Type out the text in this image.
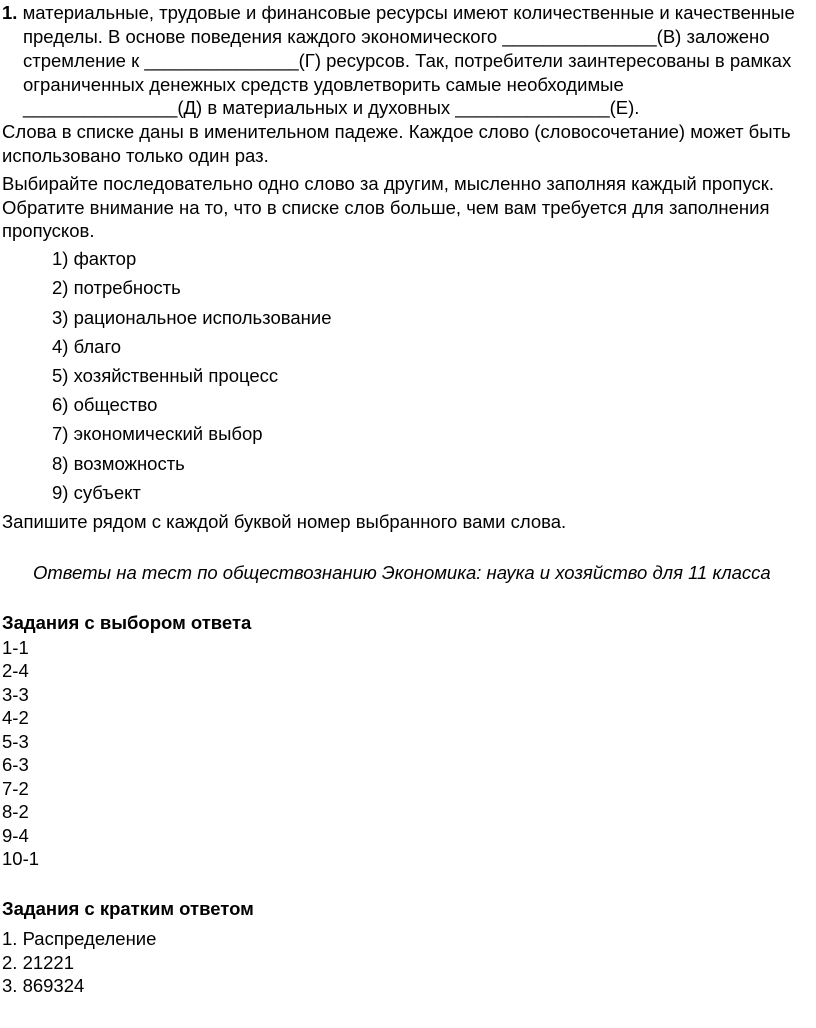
1. материальные, трудовые и финансовые ресурсы имеют количественные и качественные
пределы. В основе поведения каждого экономического _______________(В) заложено
стремление к _______________(Г) ресурсов. Так, потребители заинтересованы в рамках
ограниченных денежных средств удовлетворить самые необходимые
_______________(Д) в материальных и духовных _______________(Е).
Слова в списке даны в именительном падеже. Каждое слово (словосочетание) может быть
использовано только один раз.
Выбирайте последовательно одно слово за другим, мысленно заполняя каждый пропуск.
Обратите внимание на то, что в списке слов больше, чем вам требуется для заполнения
пропусков.
1) фактор
2) потребность
3) рациональное использование
4) благо
5) хозяйственный процесс
6) общество
7) экономический выбор
8) возможность
9) субъект
Запишите рядом с каждой буквой номер выбранного вами слова.
Ответы на тест по обществознанию Экономика: наука и хозяйство для 11 класса
Задания с выбором ответа
1-1
2-4
3-3
4-2
5-3
6-3
7-2
8-2
9-4
10-1
Задания с кратким ответом
1. Распределение
2. 21221
3. 869324
